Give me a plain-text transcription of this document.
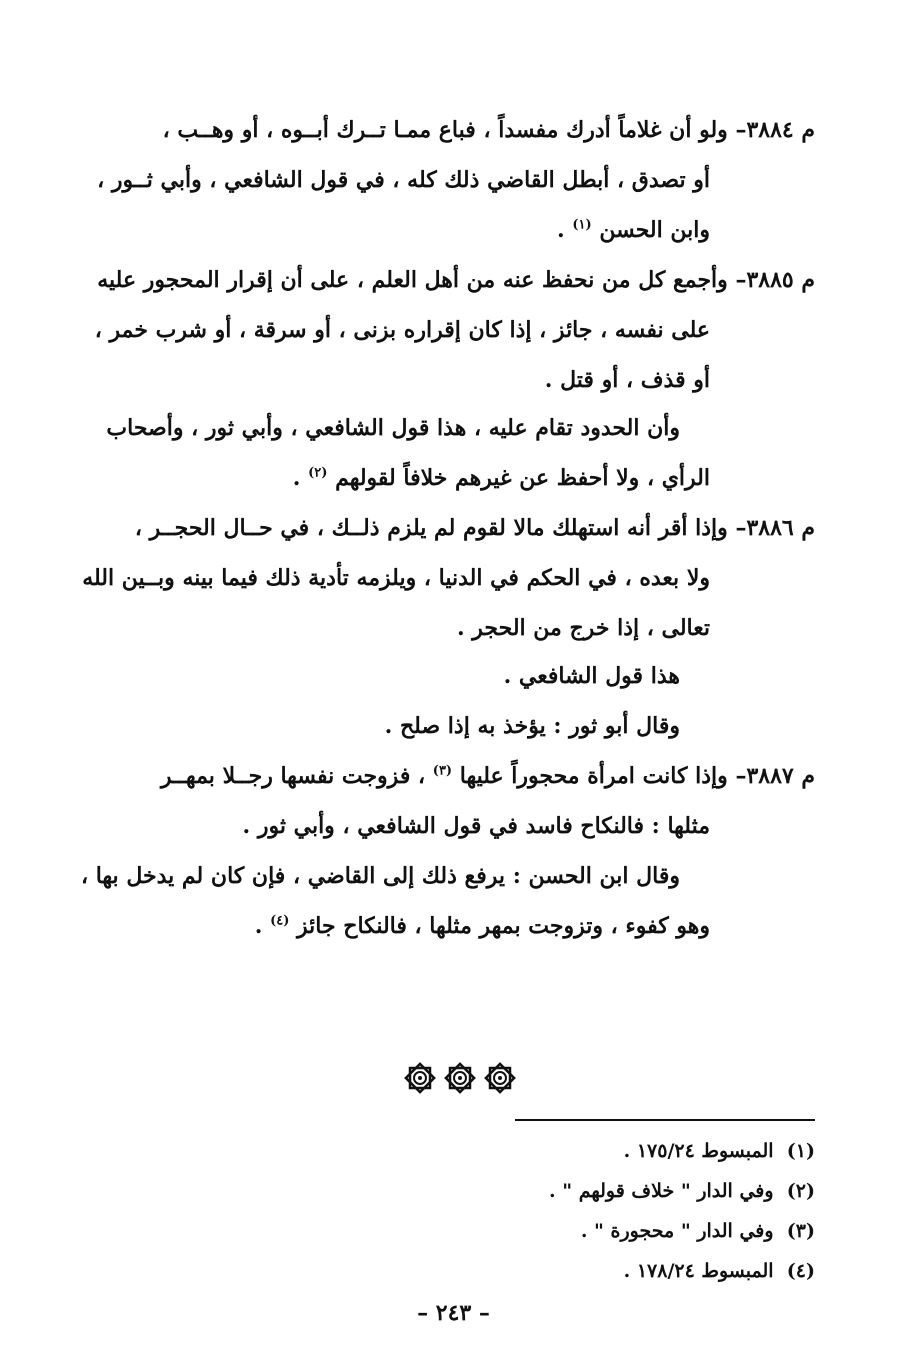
م ٣٨٨٤– ولو أن غلاماً أدرك مفسداً ، فباع ممـا تــرك أبــوه ، أو وهــب ،
أو تصدق ، أبطل القاضي ذلك كله ، في قول الشافعي ، وأبي ثــور ،
وابن الحسن $^{(١)}$ .
م ٣٨٨٥– وأجمع كل من نحفظ عنه من أهل العلم ، على أن إقرار المحجور عليه
على نفسه ، جائز ، إذا كان إقراره بزنى ، أو سرقة ، أو شرب خمر ،
أو قذف ، أو قتل .
وأن الحدود تقام عليه ، هذا قول الشافعي ، وأبي ثور ، وأصحاب
الرأي ، ولا أحفظ عن غيرهم خلافاً لقولهم $^{(٢)}$ .
م ٣٨٨٦– وإذا أقر أنه استهلك مالا لقوم لم يلزم ذلــك ، في حــال الحجــر ،
ولا بعده ، في الحكم في الدنيا ، ويلزمه تأدية ذلك فيما بينه وبــين الله
تعالى ، إذا خرج من الحجر .
هذا قول الشافعي .
وقال أبو ثور : يؤخذ به إذا صلح .
م ٣٨٨٧– وإذا كانت امرأة محجوراً عليها $^{(٣)}$ ، فزوجت نفسها رجــلا بمهــر
مثلها : فالنكاح فاسد في قول الشافعي ، وأبي ثور .
وقال ابن الحسن : يرفع ذلك إلى القاضي ، فإن كان لم يدخل بها ،
وهو كفوء ، وتزوجت بمهر مثلها ، فالنكاح جائز $^{(٤)}$ .
(١)  المبسوط ١٧٥/٢٤ .
(٢)  وفي الدار " خلاف قولهم " .
(٣)  وفي الدار " محجورة " .
(٤)  المبسوط ١٧٨/٢٤ .
– ٢٤٣ –
